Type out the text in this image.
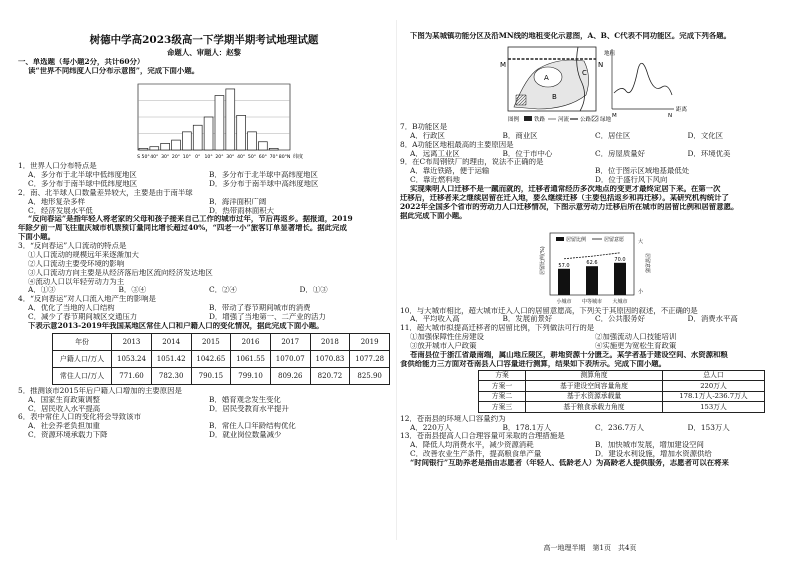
树德中学高2023级高一下学期半期考试地理试题
命题人、审题人：赵黎
一、单选题（每小题2分，共计60分）
读“世界不同纬度人口分布示意图”，完成下面小题。
S 50° 40° 30° 20° 10° 0° 10° 20° 30° 40° 50° 60° 70° 80°N 纬度
1．世界人口分布特点是
A．多分布于北半球中低纬度地区	B．多分布于北半球中高纬度地区
C．多分布于南半球中低纬度地区	D．多分布于南半球中高纬度地区
2．南、北半球人口数量差异较大，主要是由于南半球
A．地形复杂多样	B．海洋面积广阔
C．经济发展水平低	D．热带雨林面积大
“反向春运”是指年轻人将老家的父母和孩子接来自己工作的城市过年，节后再返乡。据报道，2019
年除夕前一周飞往重庆城市机票预订量同比增长超过40%，“四老一小”旅客订单显著增长。据此完成
下面小题。
3．“反向春运”人口流动的特点是
①人口流动的规模远年来逐渐加大
②人口流动主要受环境的影响
③人口流动方向主要是从经济落后地区流向经济发达地区
④流动人口以年轻劳动力为主
A．①③	B．③④	C．②④	D．①③
4．“反向春运”对人口流入地产生的影响是
A．优化了当地的人口结构	B．带动了春节期间城市的消费
C．减少了春节期间城区交通压力	D．增强了当地第一、二产业的活力
下表示意2013-2019年我国某地区常住人口和户籍人口的变化情况，据此完成下面小题。
年份	2013	2014	2015	2016	2017	2018	2019
户籍人口/万人	1053.24	1051.42	1042.65	1061.55	1070.07	1070.83	1077.28
常住人口/万人	771.60	782.30	790.15	799.10	809.26	820.72	825.90
5．推测该市2015年后户籍人口增加的主要原因是
A．国家生育政策调整	B．婚育观念发生变化
C．居民收入水平提高	D．居民受教育水平提升
6．表中常住人口的变化将会导致该市
A．社会养老负担加重	B．常住人口年龄结构优化
C．资源环境承载力下降	D．就业岗位数量减少
下图为某城镇功能分区及沿MN线的地租变化示意图，A、B、C代表不同功能区。完成下列各题。
A
B
C
M	N
图例	铁路 河流 公路 绿地
地租
M	N
距离
7．B功能区是
A．行政区	B．商业区	C．居住区	D．文化区
8．A功能区地租最高的主要原因是
A．远离工业区	B．位于市中心	C．房屋质量好	D．环境优美
9．在C布局钢铁厂的理由，说法不正确的是
A．靠近铁路，便于运输	B．位于图示区域地基最低处
C．靠近燃料地	D．位于盛行风下风向
实现乘明人口迁移不是一蹴而就的，迁移者通常经历多次地点的变更才最终定居下来。在第一次
迁移后，迁移者来之继续居留在迁入地，要么继续迁移（主要包括返乡和再迁移）。某研究机构统计了
2022年全国多个省市的劳动力人口迁移情况，下图示意劳动力迁移后所在城市的居留比例和居留意愿。
据此完成下面小题。
居留比例	居留意愿
57.0
小城市
62.6
中等城市
70.0
大城市
居留比例(%)
大
小
居留意愿
10．与大城市相比，超大城市迁入人口的居留意愿高，下列关于其原因的叙述，不正确的是
A．平均收入高	B．发展前景好	C．公共服务好	D．消费水平高
11．超大城市拟提高迁移者的居留比例，下列做法可行的是
①加强保障性住房建设	②加强流动人口技能培训
③放开城市入户政策	④实施更为宽松生育政策
苍南县位于浙江省最南端，属山地丘陵区，耕地资源十分匮乏。某学者基于建设空间、水资源和粮
食供给能力三方面对苍南县人口容量进行测算，结果如下表所示。完成下面小题。
方案	测算角度	总人口
方案一	基于建设空间容量角度	220万人
方案二	基于水资源承载量	178.1万人-236.7万人
方案三	基于粮食承载力角度	153万人
12．苍南县的环境人口容量约为
A．220万人	B．178.1万人	C．236.7万人	D．153万人
13．苍南县提高人口合理容量可采取的合理措施是
A．降低人均消费水平，减少资源消耗	B．加快城市发展，增加建设空间
C．改善农业生产条件，提高粮食单产量	D．建设水利设施，增加水资源供给
“时间银行”互助养老是指由志愿者（年轻人、低龄老人）为高龄老人提供服务，志愿者可以在将来
高一地理半期　第1页　共4页
